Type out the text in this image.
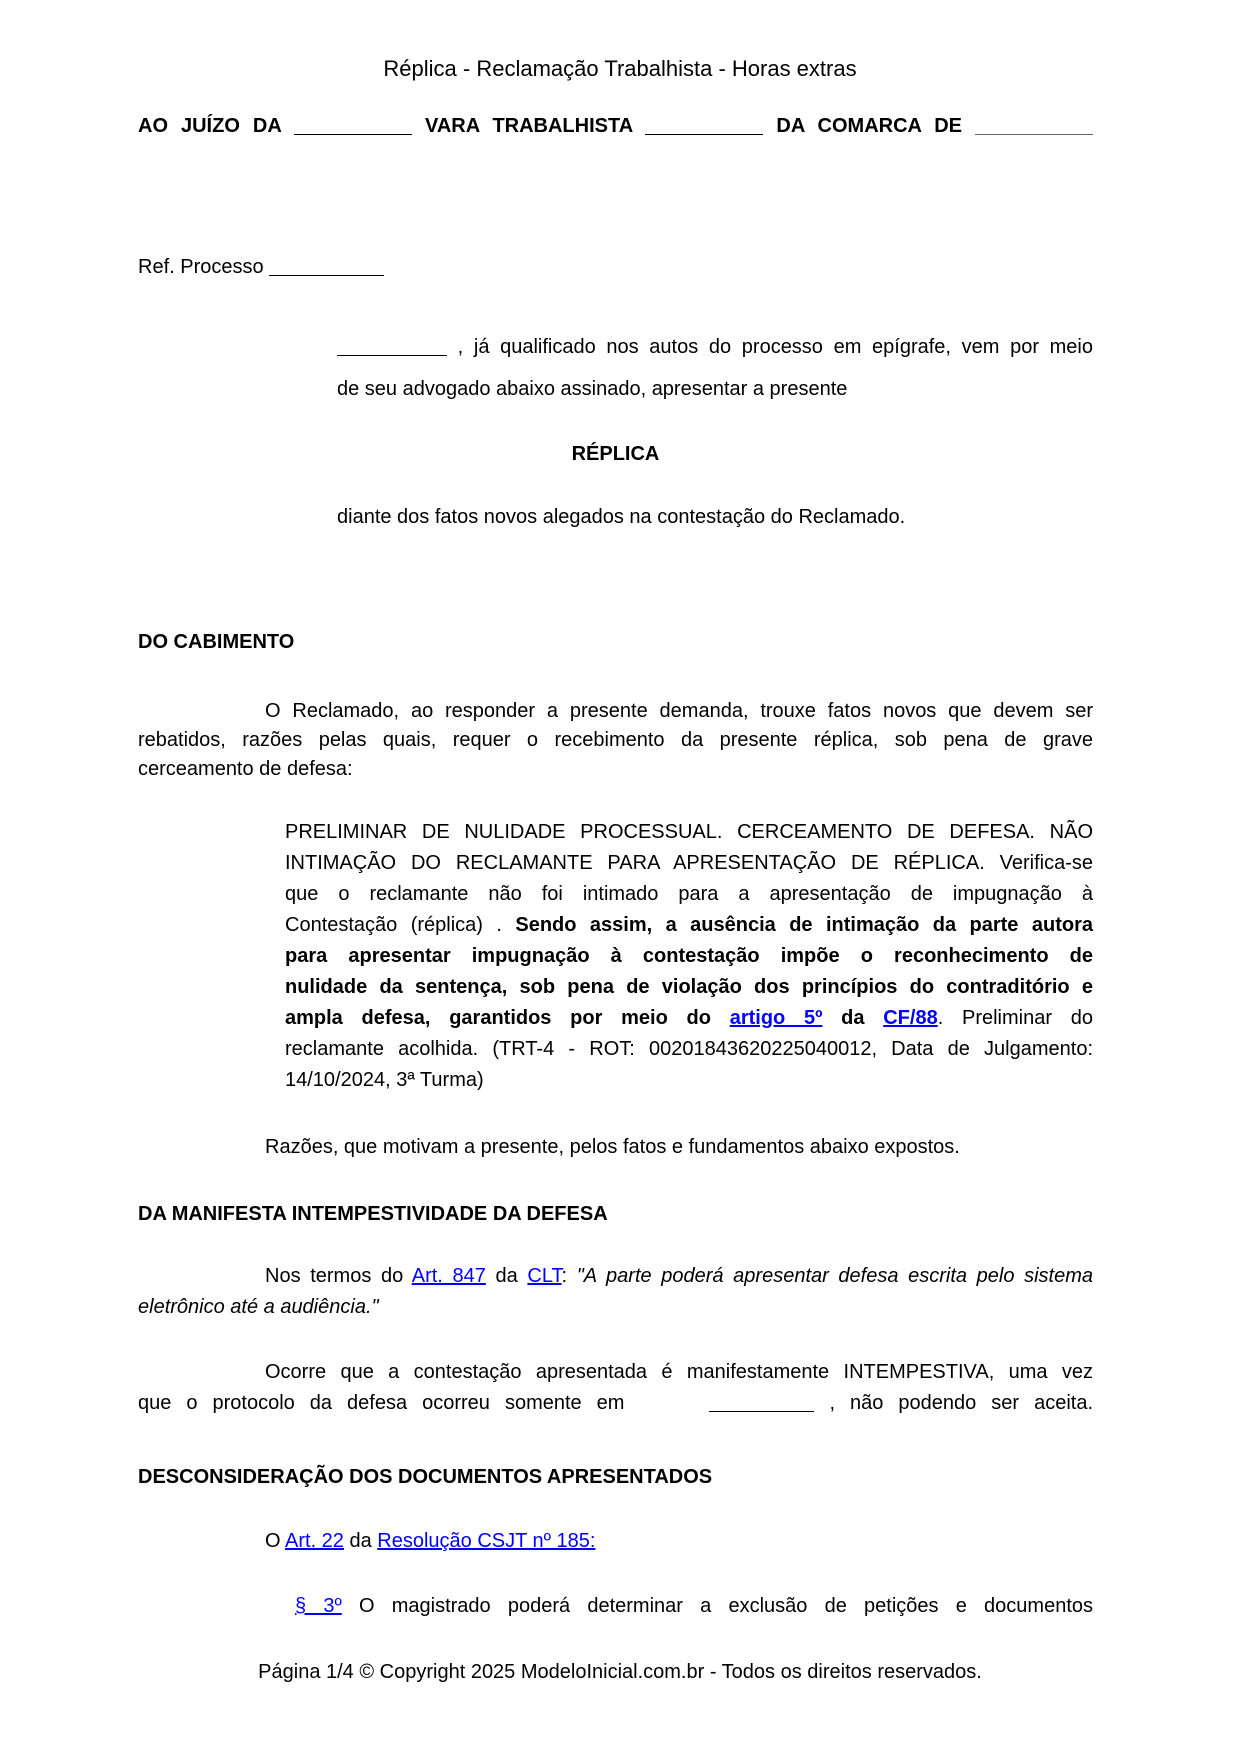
Réplica - Reclamação Trabalhista - Horas extras
AO JUÍZO DA	VARA TRABALHISTA	DA COMARCA DE
Ref. Processo
, já qualificado nos autos do processo em epígrafe, vem por meio
de seu advogado abaixo assinado, apresentar a presente
RÉPLICA
diante dos fatos novos alegados na contestação do Reclamado.
DO CABIMENTO
O Reclamado, ao responder a presente demanda, trouxe fatos novos que devem ser
rebatidos, razões pelas quais, requer o recebimento da presente réplica, sob pena de grave
cerceamento de defesa:
PRELIMINAR DE NULIDADE PROCESSUAL. CERCEAMENTO DE DEFESA. NÃO
INTIMAÇÃO DO RECLAMANTE PARA APRESENTAÇÃO DE RÉPLICA. Verifica-se
que o reclamante não foi intimado para a apresentação de impugnação à
Contestação (réplica) . Sendo assim, a ausência de intimação da parte autora
para apresentar impugnação à contestação impõe o reconhecimento de
nulidade da sentença, sob pena de violação dos princípios do contraditório e
ampla defesa, garantidos por meio do artigo 5º da CF/88. Preliminar do
reclamante acolhida. (TRT-4 - ROT: 00201843620225040012, Data de Julgamento:
14/10/2024, 3ª Turma)
Razões, que motivam a presente, pelos fatos e fundamentos abaixo expostos.
DA MANIFESTA INTEMPESTIVIDADE DA DEFESA
Nos termos do Art. 847 da CLT: "A parte poderá apresentar defesa escrita pelo sistema
eletrônico até a audiência."
Ocorre que a contestação apresentada é manifestamente INTEMPESTIVA, uma vez
que o protocolo da defesa ocorreu somente em	, não podendo ser aceita.
DESCONSIDERAÇÃO DOS DOCUMENTOS APRESENTADOS
O Art. 22 da Resolução CSJT nº 185:
§ 3º O magistrado poderá determinar a exclusão de petições e documentos
Página 1/4 © Copyright 2025 ModeloInicial.com.br - Todos os direitos reservados.
